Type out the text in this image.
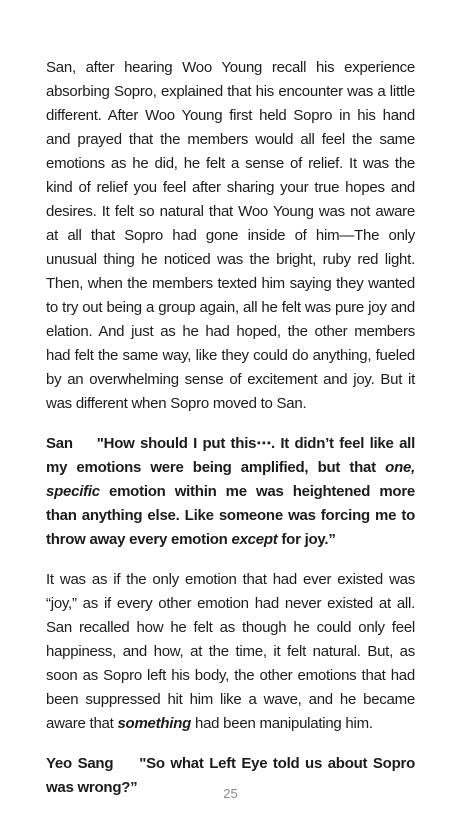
San, after hearing Woo Young recall his experience absorbing Sopro, explained that his encounter was a little different. After Woo Young first held Sopro in his hand and prayed that the members would all feel the same emotions as he did, he felt a sense of relief. It was the kind of relief you feel after sharing your true hopes and desires. It felt so natural that Woo Young was not aware at all that Sopro had gone inside of him—The only unusual thing he noticed was the bright, ruby red light. Then, when the members texted him saying they wanted to try out being a group again, all he felt was pure joy and elation. And just as he had hoped, the other members had felt the same way, like they could do anything, fueled by an overwhelming sense of excitement and joy. But it was different when Sopro moved to San.

San "How should I put this⋯. It didn’t feel like all my emotions were being amplified, but that one, specific emotion within me was heightened more than anything else. Like someone was forcing me to throw away every emotion except for joy.”

It was as if the only emotion that had ever existed was “joy,” as if every other emotion had never existed at all. San recalled how he felt as though he could only feel happiness, and how, at the time, it felt natural. But, as soon as Sopro left his body, the other emotions that had been suppressed hit him like a wave, and he became aware that something had been manipulating him.

Yeo Sang "So what Left Eye told us about Sopro was wrong?”	25
